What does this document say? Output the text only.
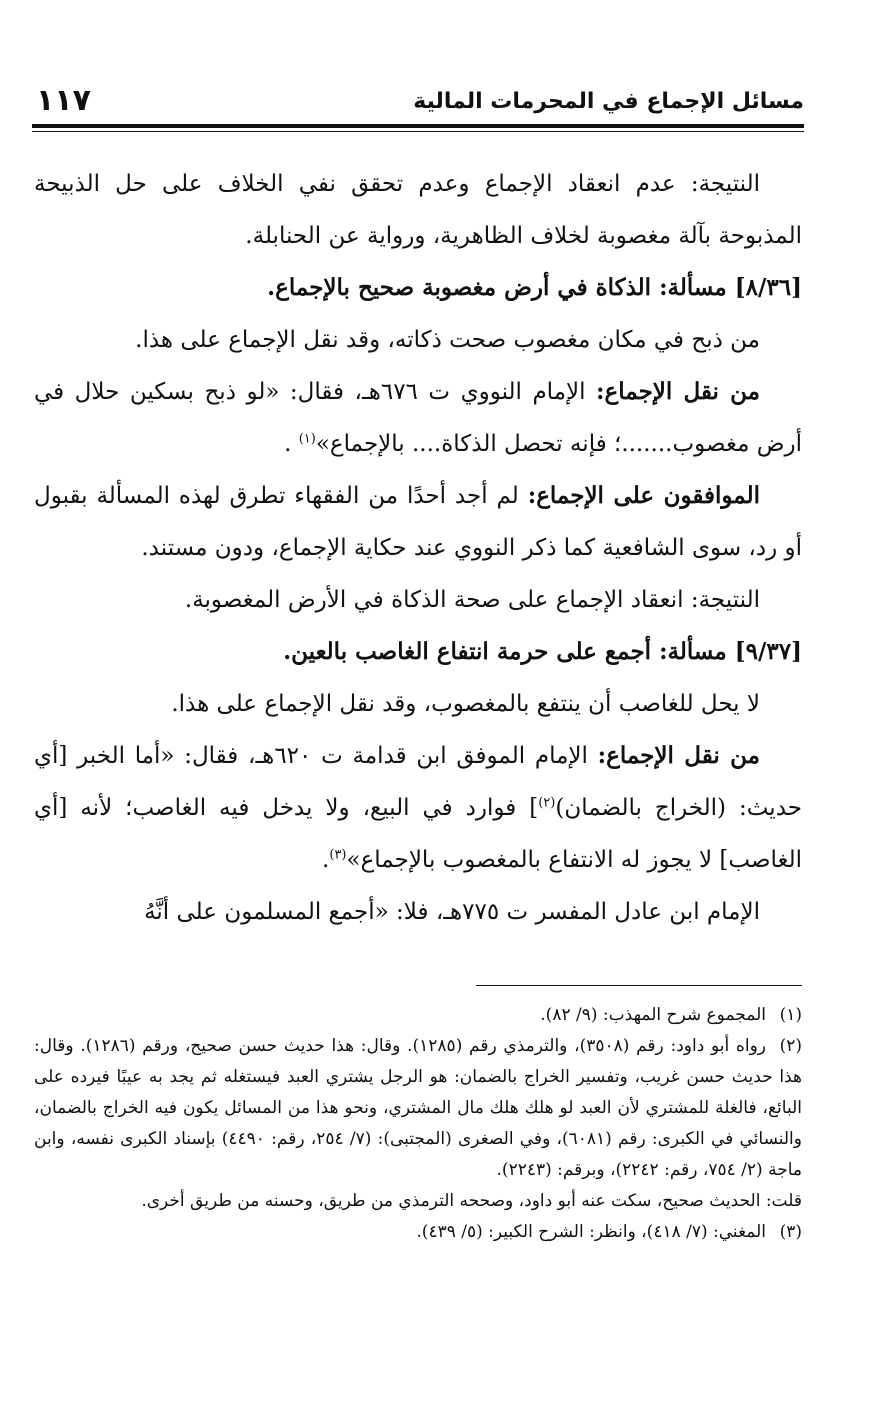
مسائل الإجماع في المحرمات المالية
١١٧

النتيجة: عدم انعقاد الإجماع وعدم تحقق نفي الخلاف على حل الذبيحة المذبوحة بآلة مغصوبة لخلاف الظاهرية، ورواية عن الحنابلة.

[٨/٣٦] مسألة: الذكاة في أرض مغصوبة صحيح بالإجماع.

من ذبح في مكان مغصوب صحت ذكاته، وقد نقل الإجماع على هذا.

من نقل الإجماع: الإمام النووي ت ٦٧٦هـ، فقال: «لو ذبح بسكين حلال في أرض مغصوب.......؛ فإنه تحصل الذكاة.... بالإجماع»$^{(١)}$ .

الموافقون على الإجماع: لم أجد أحدًا من الفقهاء تطرق لهذه المسألة بقبول أو رد، سوى الشافعية كما ذكر النووي عند حكاية الإجماع، ودون مستند.

النتيجة: انعقاد الإجماع على صحة الذكاة في الأرض المغصوبة.

[٩/٣٧] مسألة: أجمع على حرمة انتفاع الغاصب بالعين.

لا يحل للغاصب أن ينتفع بالمغصوب، وقد نقل الإجماع على هذا.

من نقل الإجماع: الإمام الموفق ابن قدامة ت ٦٢٠هـ، فقال: «أما الخبر [أي حديث: (الخراج بالضمان)$^{(٢)}$] فوارد في البيع، ولا يدخل فيه الغاصب؛ لأنه [أي الغاصب] لا يجوز له الانتفاع بالمغصوب بالإجماع»$^{(٣)}$.

الإمام ابن عادل المفسر ت ٧٧٥هـ، فلا: «أجمع المسلمون على أنَّهُ

(١)المجموع شرح المهذب: (٩/ ٨٢).

(٢)رواه أبو داود: رقم (٣٥٠٨)، والترمذي رقم (١٢٨٥). وقال: هذا حديث حسن صحيح، ورقم (١٢٨٦). وقال: هذا حديث حسن غريب، وتفسير الخراج بالضمان: هو الرجل يشتري العبد فيستغله ثم يجد به عيبًا فيرده على البائع، فالغلة للمشتري لأن العبد لو هلك هلك مال المشتري، ونحو هذا من المسائل يكون فيه الخراج بالضمان، والنسائي في الكبرى: رقم (٦٠٨١)، وفي الصغرى (المجتبى): (٧/ ٢٥٤، رقم: ٤٤٩٠) بإسناد الكبرى نفسه، وابن ماجة (٢/ ٧٥٤، رقم: ٢٢٤٢)، وبرقم: (٢٢٤٣).

قلت: الحديث صحيح، سكت عنه أبو داود، وصححه الترمذي من طريق، وحسنه من طريق أخرى.

(٣)المغني: (٧/ ٤١٨)، وانظر: الشرح الكبير: (٥/ ٤٣٩).
